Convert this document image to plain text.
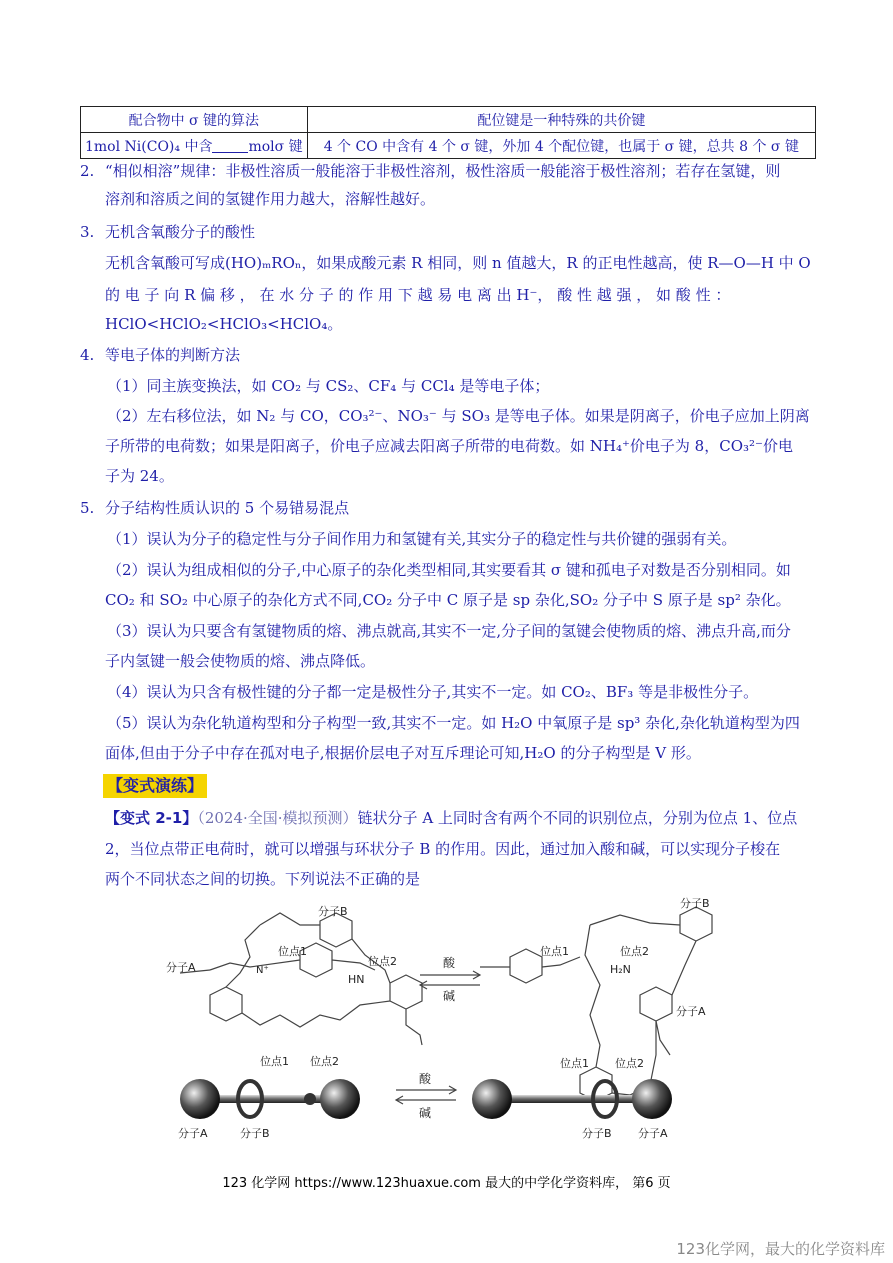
配合物中 σ 键的算法	配位键是一种特殊的共价键
1mol Ni(CO)₄ 中含 molσ 键	4 个 CO 中含有 4 个 σ 键，外加 4 个配位键，也属于 σ 键，总共 8 个 σ 键
2. “相似相溶”规律：非极性溶质一般能溶于非极性溶剂，极性溶质一般能溶于极性溶剂；若存在氢键，则
溶剂和溶质之间的氢键作用力越大，溶解性越好。
3. 无机含氧酸分子的酸性
无机含氧酸可写成(HO)ₘROₙ，如果成酸元素 R 相同，则 n 值越大，R 的正电性越高，使 R—O—H 中 O
的 电 子 向 R 偏 移 ， 在 水 分 子 的 作 用 下 越 易 电 离 出 H⁻， 酸 性 越 强 ， 如 酸 性 ：
HClO<HClO₂<HClO₃<HClO₄。
4. 等电子体的判断方法
（1）同主族变换法，如 CO₂ 与 CS₂、CF₄ 与 CCl₄ 是等电子体；
（2）左右移位法，如 N₂ 与 CO，CO₃²⁻、NO₃⁻ 与 SO₃ 是等电子体。如果是阴离子，价电子应加上阴离
子所带的电荷数；如果是阳离子，价电子应减去阳离子所带的电荷数。如 NH₄⁺价电子为 8，CO₃²⁻价电
子为 24。
5. 分子结构性质认识的 5 个易错易混点
（1）误认为分子的稳定性与分子间作用力和氢键有关,其实分子的稳定性与共价键的强弱有关。
（2）误认为组成相似的分子,中心原子的杂化类型相同,其实要看其 σ 键和孤电子对数是否分别相同。如
CO₂ 和 SO₂ 中心原子的杂化方式不同,CO₂ 分子中 C 原子是 sp 杂化,SO₂ 分子中 S 原子是 sp² 杂化。
（3）误认为只要含有氢键物质的熔、沸点就高,其实不一定,分子间的氢键会使物质的熔、沸点升高,而分
子内氢键一般会使物质的熔、沸点降低。
（4）误认为只含有极性键的分子都一定是极性分子,其实不一定。如 CO₂、BF₃ 等是非极性分子。
（5）误认为杂化轨道构型和分子构型一致,其实不一定。如 H₂O 中氧原子是 sp³ 杂化,杂化轨道构型为四
面体,但由于分子中存在孤对电子,根据价层电子对互斥理论可知,H₂O 的分子构型是 V 形。
【变式演练】
【变式 2-1】（2024·全国·模拟预测）链状分子 A 上同时含有两个不同的识别位点，分别为位点 1、位点
2，当位点带正电荷时，就可以增强与环状分子 B 的作用。因此，通过加入酸和碱，可以实现分子梭在
两个不同状态之间的切换。下列说法不正确的是
分子B
分子A
位点1
位点2
HN
N⁺
酸
碱
分子B
位点1	位点2
H₂N
分子A
位点1 位点2
分子A	分子B
酸
碱
位点1 位点2
分子B 分子A
123 化学网 https://www.123huaxue.com 最大的中学化学资料库， 第6 页
123化学网，最大的化学资料库
